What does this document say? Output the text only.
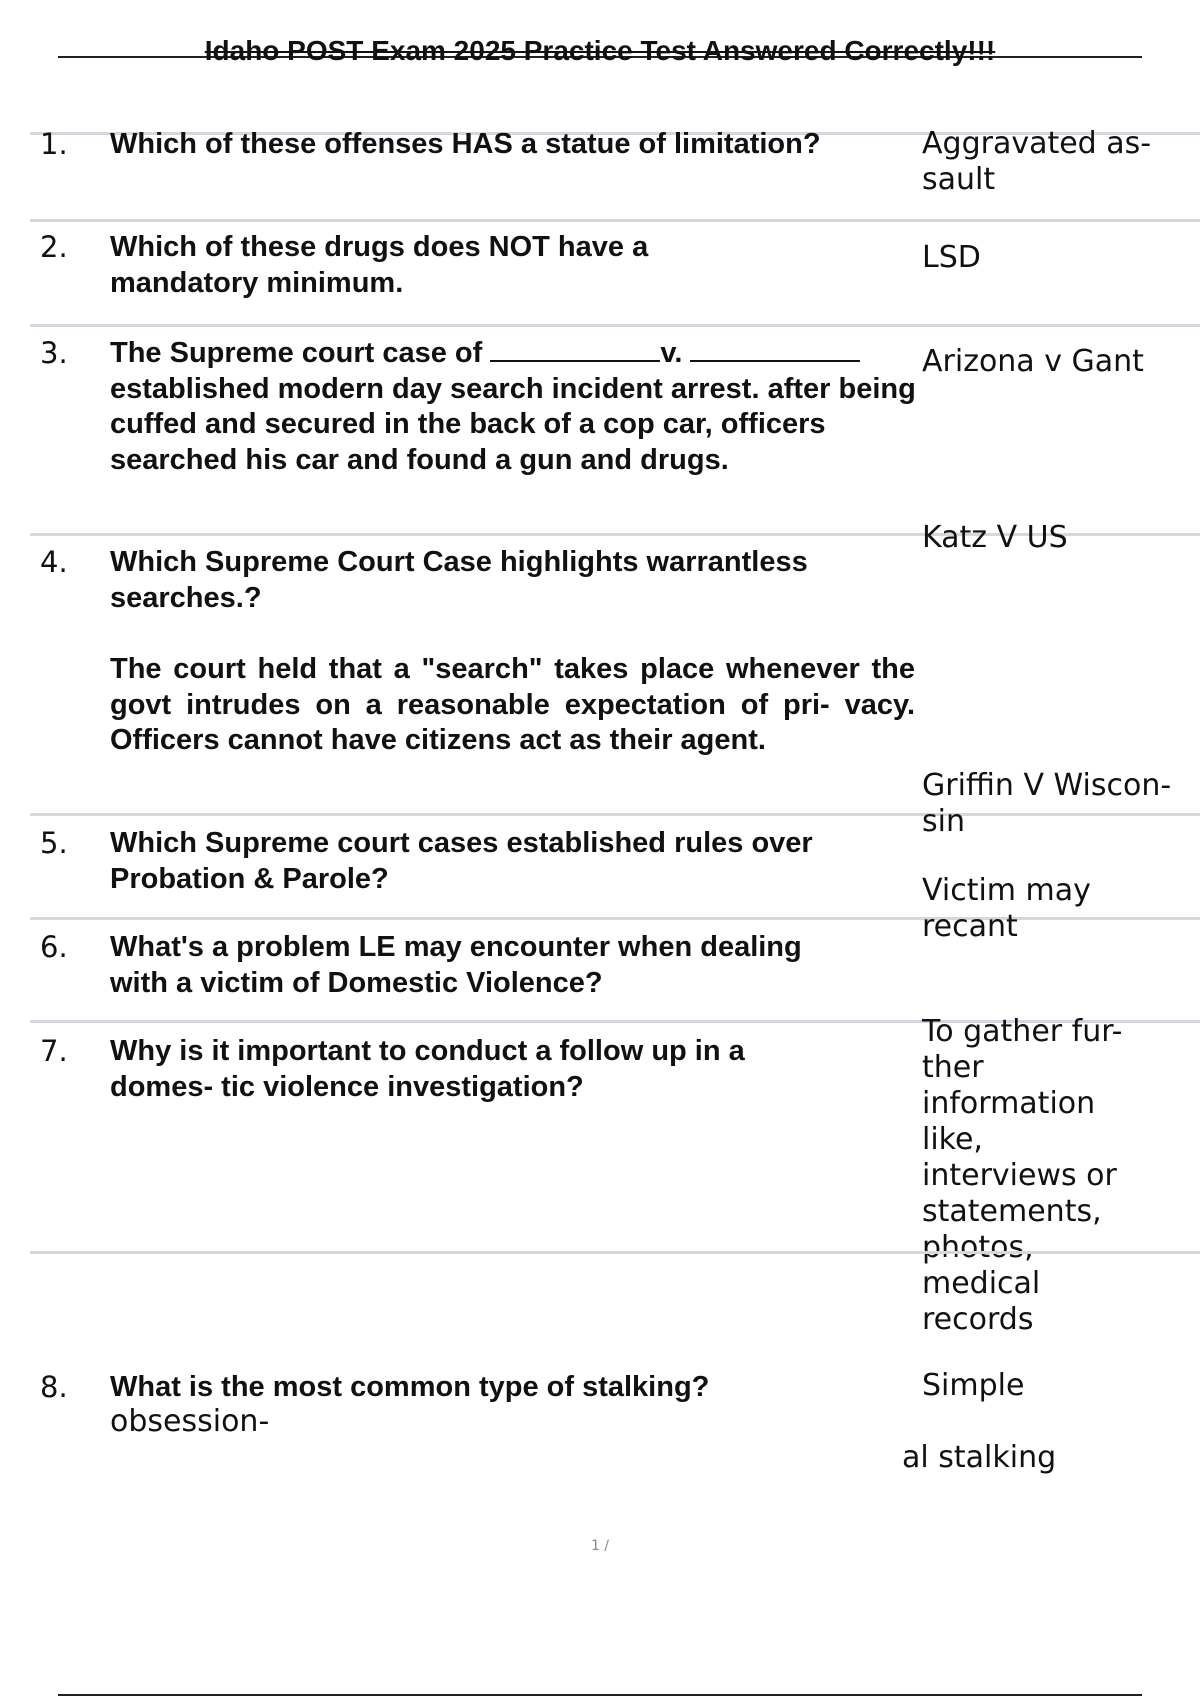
Idaho POST Exam 2025 Practice Test Answered Correctly!!!
1. Which of these offenses HAS a statue of limitation?	Aggravated as-
sault
2. Which of these drugs does NOT have a mandatory minimum.
LSD
3. The Supreme court case of	v.  established modern day search incident arrest. after being cuffed and secured in the back of a cop car, officers searched his car and found a gun and drugs.
Arizona v Gant
4. Which Supreme Court Case highlights warrantless searches.?
The court held that a "search" takes place whenever the govt intrudes on a reasonable expectation of pri- vacy. Officers cannot have citizens act as their agent.
Katz V US
5. Which Supreme court cases established rules over Probation & Parole?
Griffin V Wiscon-
sin
6. What's a problem LE may encounter when dealing with a victim of Domestic Violence?
Victim may
recant
7. Why is it important to conduct a follow up in a domes- tic violence investigation?
To gather fur-
ther
information
like,
interviews or
statements,
photos,
medical
records
8. What is the most common type of stalking?
obsession-
Simple
al stalking
1 /
